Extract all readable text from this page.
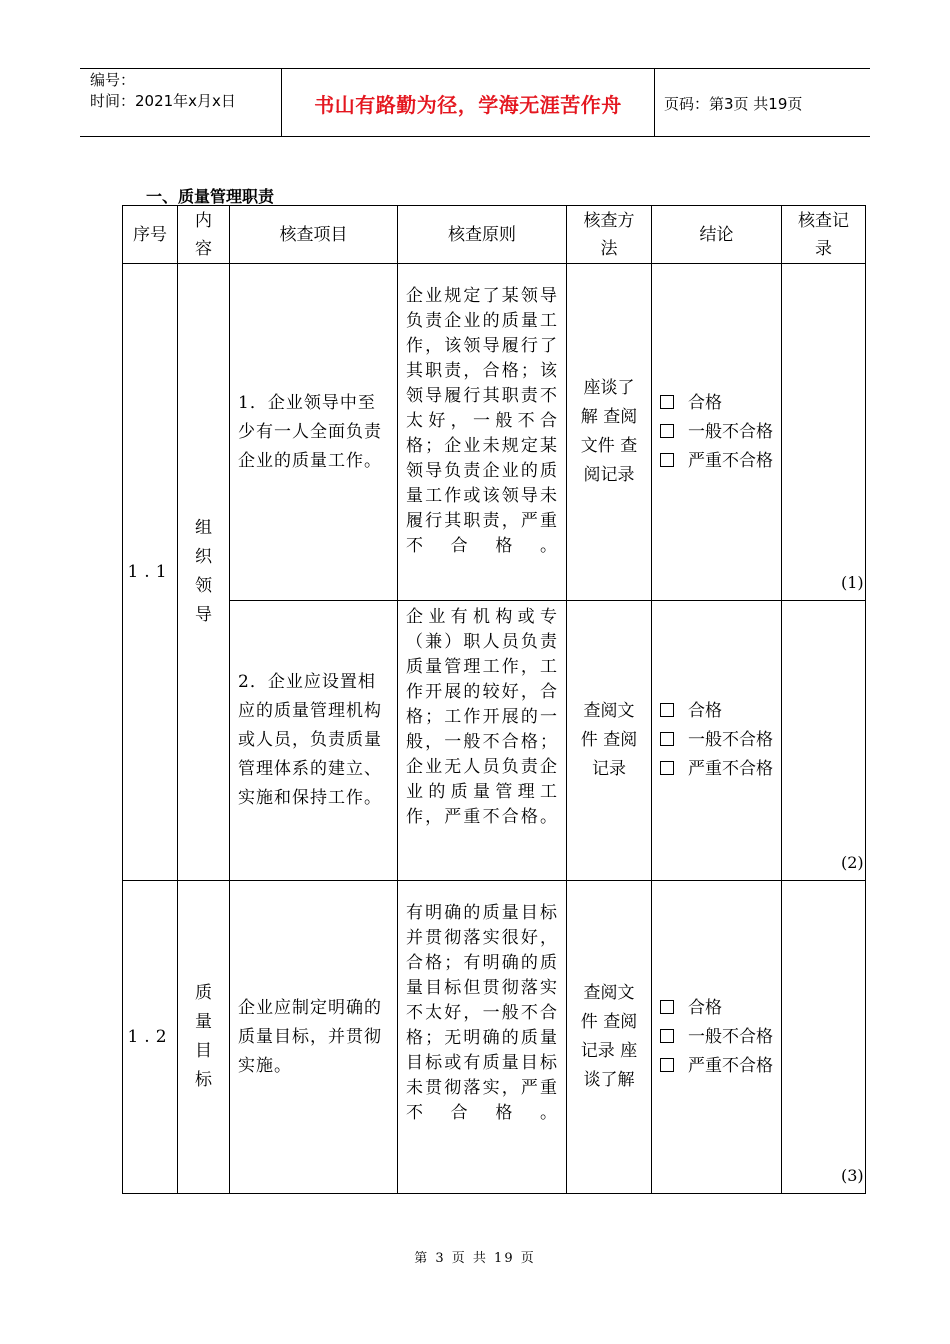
编号：
时间：2021年x月x日	书山有路勤为径，学海无涯苦作舟	页码：第3页 共19页
一、质量管理职责
序号	内容	核查项目	核查原则	核查方法	结论	核查记录

1.1	组织领导	1．企业领导中至少有一人全面负责企业的质量工作。	企业规定了某领导负责企业的质量工作，该领导履行了其职责，合格；该领导履行其职责不太好，一般不合格；企业未规定某领导负责企业的质量工作或该领导未履行其职责，严重不合格。	座谈了解 查阅文件 查阅记录	合格
一般不合格
严重不合格	(1)

		2．企业应设置相应的质量管理机构或人员，负责质量管理体系的建立、实施和保持工作。	企业有机构或专（兼）职人员负责质量管理工作，工作开展的较好，合格；工作开展的一般，一般不合格；企业无人员负责企业的质量管理工作，严重不合格。	查阅文件 查阅记录	合格
一般不合格
严重不合格	(2)

1.2	质量目标	企业应制定明确的质量目标，并贯彻实施。	有明确的质量目标并贯彻落实很好，合格；有明确的质量目标但贯彻落实不太好，一般不合格；无明确的质量目标或有质量目标未贯彻落实，严重不合格。	查阅文件 查阅记录 座谈了解	合格
一般不合格
严重不合格	(3)
第 3 页 共 19 页
